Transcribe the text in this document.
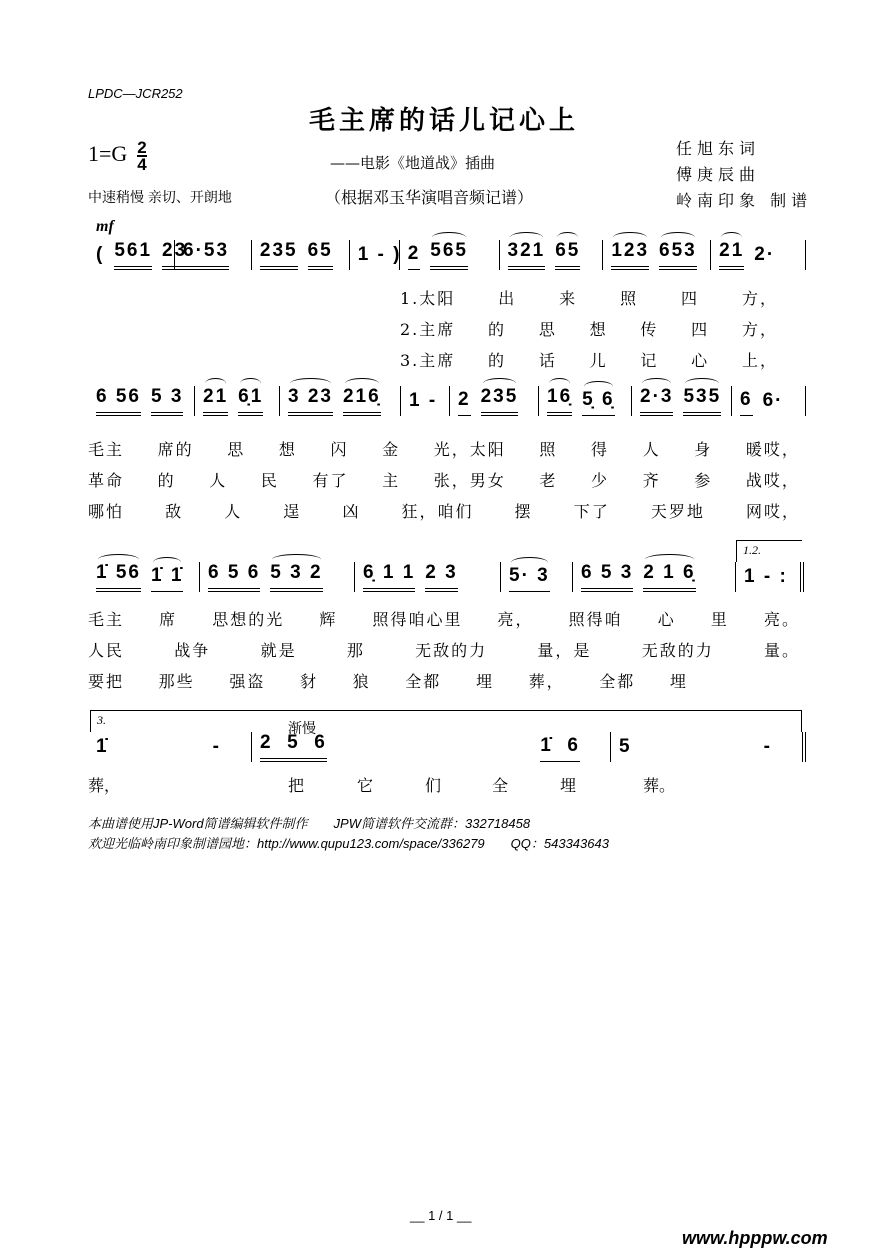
LPDC—JCR252
毛主席的话儿记心上
$1=G \frac{2}{4}$	——电影《地道战》插曲
中速稍慢 亲切、开朗地	（根据邓玉华演唱音频记谱）
任旭东词
傅庚辰曲
岭南印象 制谱
mf
( 561 23
6·53 235 65 1 - ) 2 565 321 65 123 653 21 2·
6 56 5 3 21 6̣1 3 23 216̣ 1 - 2 235 16̣ 5̣ 6̣ 2·3 535 6 6·
1̇ 56 1̇ 1̇ 6 5 6 5 3 2 6̣ 1 1 2 3	5· 3 6 5 3 2 1 6̣	1 - :
1̇	- 2  5  6	1̇  6 5	-
1.太阳	出	来	照	四	方，
2.主席 的 思 想 传 四 方，
3.主席 的 话 儿 记 心 上，
毛主 席的 思 想 闪 金 光，太阳 照 得 人 身 暖哎，
革命 的 人 民 有了 主 张，男女 老 少 齐 参 战哎，
哪怕	敌	人	逞	凶	狂，咱们	摆	下了	天罗地	网哎，
毛主 席 思想的光 辉 照得咱心里 亮， 照得咱 心 里 亮。
人民	战争	就是	那	无敌的力	量，是	无敌的力	量。
要把 那些 强盗 豺 狼 全都 埋 葬， 全都 埋
葬，	把	它	们	全	埋	葬。
1.2.
3.	渐慢
本曲谱使用JP-Word简谱编辑软件制作　　JPW简谱软件交流群：332718458
欢迎光临岭南印象制谱园地：http://www.qupu123.com/space/336279　　QQ：543343643
__ 1 / 1 __
www.hpppw.com
